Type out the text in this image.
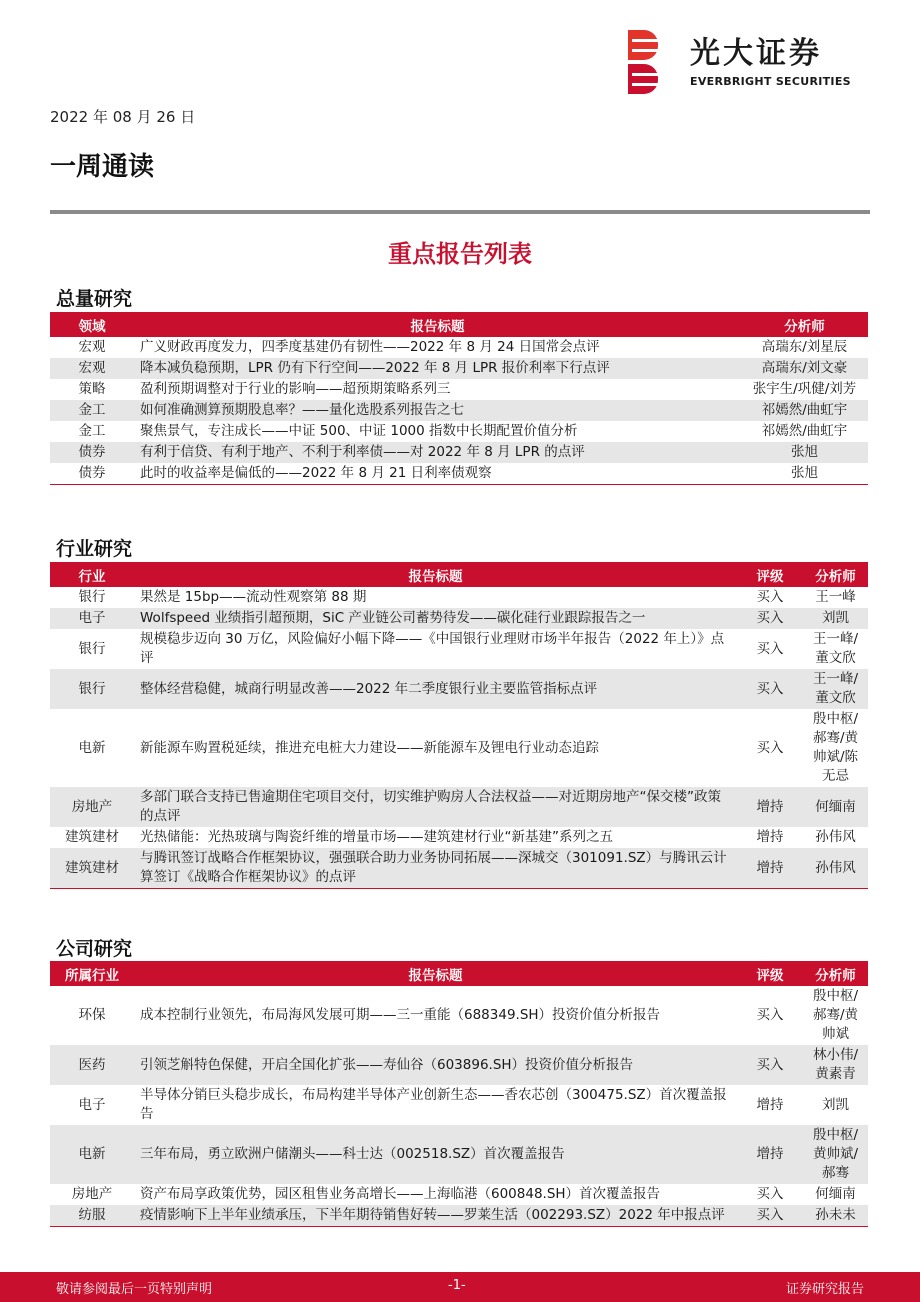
光大证券
EVERBRIGHT SECURITIES
2022 年 08 月 26 日
一周通读
重点报告列表
总量研究
领域	报告标题	分析师
宏观	广义财政再度发力，四季度基建仍有韧性——2022 年 8 月 24 日国常会点评	高瑞东/刘星辰
宏观	降本减负稳预期，LPR 仍有下行空间——2022 年 8 月 LPR 报价利率下行点评	高瑞东/刘文豪
策略	盈利预期调整对于行业的影响——超预期策略系列三	张宇生/巩健/刘芳
金工	如何准确测算预期股息率？——量化选股系列报告之七	祁嫣然/曲虹宇
金工	聚焦景气，专注成长——中证 500、中证 1000 指数中长期配置价值分析	祁嫣然/曲虹宇
债券	有利于信贷、有利于地产、不利于利率债——对 2022 年 8 月 LPR 的点评	张旭
债券	此时的收益率是偏低的——2022 年 8 月 21 日利率债观察	张旭
行业研究
行业	报告标题	评级	分析师
银行	果然是 15bp——流动性观察第 88 期	买入	王一峰
电子	Wolfspeed 业绩指引超预期，SiC 产业链公司蓄势待发——碳化硅行业跟踪报告之一	买入	刘凯
银行	规模稳步迈向 30 万亿，风险偏好小幅下降——《中国银行业理财市场半年报告（2022 年上）》点评	买入	王一峰/董文欣
银行	整体经营稳健，城商行明显改善——2022 年二季度银行业主要监管指标点评	买入	王一峰/董文欣
电新	新能源车购置税延续，推进充电桩大力建设——新能源车及锂电行业动态追踪	买入	殷中枢/郝骞/黄帅斌/陈无忌
房地产	多部门联合支持已售逾期住宅项目交付，切实维护购房人合法权益——对近期房地产“保交楼”政策的点评	增持	何缅南
建筑建材	光热储能：光热玻璃与陶瓷纤维的增量市场——建筑建材行业“新基建”系列之五	增持	孙伟风
建筑建材	与腾讯签订战略合作框架协议，强强联合助力业务协同拓展——深城交（301091.SZ）与腾讯云计算签订《战略合作框架协议》的点评	增持	孙伟风
公司研究
所属行业	报告标题	评级	分析师
环保	成本控制行业领先，布局海风发展可期——三一重能（688349.SH）投资价值分析报告	买入	殷中枢/郝骞/黄帅斌
医药	引领芝斛特色保健，开启全国化扩张——寿仙谷（603896.SH）投资价值分析报告	买入	林小伟/黄素青
电子	半导体分销巨头稳步成长，布局构建半导体产业创新生态——香农芯创（300475.SZ）首次覆盖报告	增持	刘凯
电新	三年布局，勇立欧洲户储潮头——科士达（002518.SZ）首次覆盖报告	增持	殷中枢/黄帅斌/郝骞
房地产	资产布局享政策优势，园区租售业务高增长——上海临港（600848.SH）首次覆盖报告	买入	何缅南
纺服	疫情影响下上半年业绩承压，下半年期待销售好转——罗莱生活（002293.SZ）2022 年中报点评	买入	孙未未
敬请参阅最后一页特别声明	-1-	证券研究报告
